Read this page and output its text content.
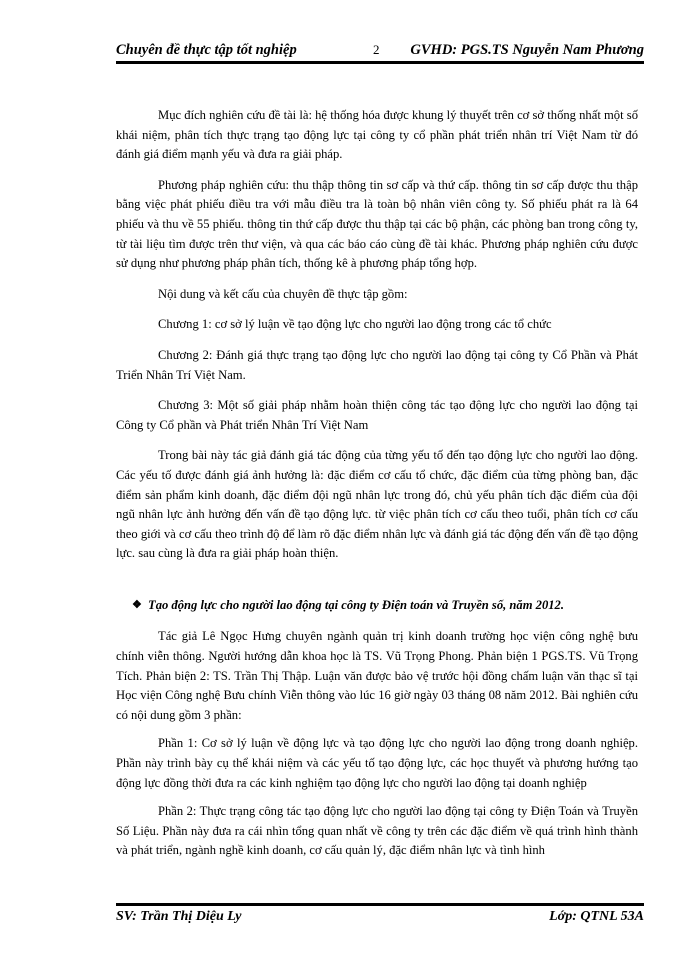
Chuyên đề thực tập tốt nghiệp	2 GVHD: PGS.TS Nguyễn Nam Phương

Mục đích nghiên cứu đề tài là: hệ thống hóa được khung lý thuyết trên cơ sở thống nhất một số khái niệm, phân tích thực trạng tạo động lực tại công ty cổ phần phát triển nhân trí Việt Nam từ đó đánh giá điểm mạnh yếu và đưa ra giải pháp.

Phương pháp nghiên cứu: thu thập thông tin sơ cấp và thứ cấp. thông tin sơ cấp được thu thập bằng việc phát phiếu điều tra với mẫu điều tra là toàn bộ nhân viên công ty. Số phiếu phát ra là 64 phiếu và thu về 55 phiếu. thông tin thứ cấp được thu thập tại các bộ phận, các phòng ban trong công ty, từ tài liệu tìm được trên thư viện, và qua các báo cáo cùng đề tài khác. Phương pháp nghiên cứu được sử dụng như phương pháp phân tích, thống kê à phương pháp tổng hợp.

Nội dung và kết cấu của chuyên đề thực tập gồm:

Chương 1: cơ sở lý luận về tạo động lực cho người lao động trong các tổ chức

Chương 2: Đánh giá thực trạng tạo động lực cho người lao động tại công ty Cổ Phần và Phát Triển Nhân Trí Việt Nam.

Chương 3: Một số giải pháp nhằm hoàn thiện công tác tạo động lực cho người lao động tại Công ty Cổ phần và Phát triển Nhân Trí Việt Nam

Trong bài này tác giả đánh giá tác động của từng yếu tố đến tạo động lực cho người lao động. Các yếu tố được đánh giá ảnh hưởng là: đặc điểm cơ cấu tổ chức, đặc điểm của từng phòng ban, đặc điểm sản phẩm kinh doanh, đặc điểm đội ngũ nhân lực trong đó, chủ yếu phân tích đặc điểm của đội ngũ nhân lực ảnh hưởng đến vấn đề tạo động lực. từ việc phân tích cơ cấu theo tuổi, phân tích cơ cấu theo giới và cơ cấu theo trình độ để làm rõ đặc điểm nhân lực và đánh giá tác động đến vấn đề tạo động lực. sau cùng là đưa ra giải pháp hoàn thiện.

❖ Tạo động lực cho người lao động tại công ty Điện toán và Truyền số, năm 2012.

Tác giả Lê Ngọc Hưng chuyên ngành quản trị kinh doanh trường học viện công nghệ bưu chính viễn thông. Người hướng dẫn khoa học là TS. Vũ Trọng Phong. Phản biện 1 PGS.TS. Vũ Trọng Tích. Phản biện 2: TS. Trần Thị Thập. Luận văn được bảo vệ trước hội đồng chấm luận văn thạc sĩ tại Học viện Công nghệ Bưu chính Viễn thông vào lúc 16 giờ ngày 03 tháng 08 năm 2012. Bài nghiên cứu có nội dung gồm 3 phần:

Phần 1: Cơ sở lý luận về động lực và tạo động lực cho người lao động trong doanh nghiệp. Phần này trình bày cụ thể khái niệm và các yếu tố tạo động lực, các học thuyết và phương hướng tạo động lực đồng thời đưa ra các kinh nghiệm tạo động lực cho người lao động tại doanh nghiệp

Phần 2: Thực trạng công tác tạo động lực cho người lao động tại công ty Điện Toán và Truyền Số Liệu. Phần này đưa ra cái nhìn tổng quan nhất về công ty trên các đặc điểm về quá trình hình thành và phát triển, ngành nghề kinh doanh, cơ cấu quản lý, đặc điểm nhân lực và tình hình

SV: Trần Thị Diệu Ly	Lớp: QTNL 53A
